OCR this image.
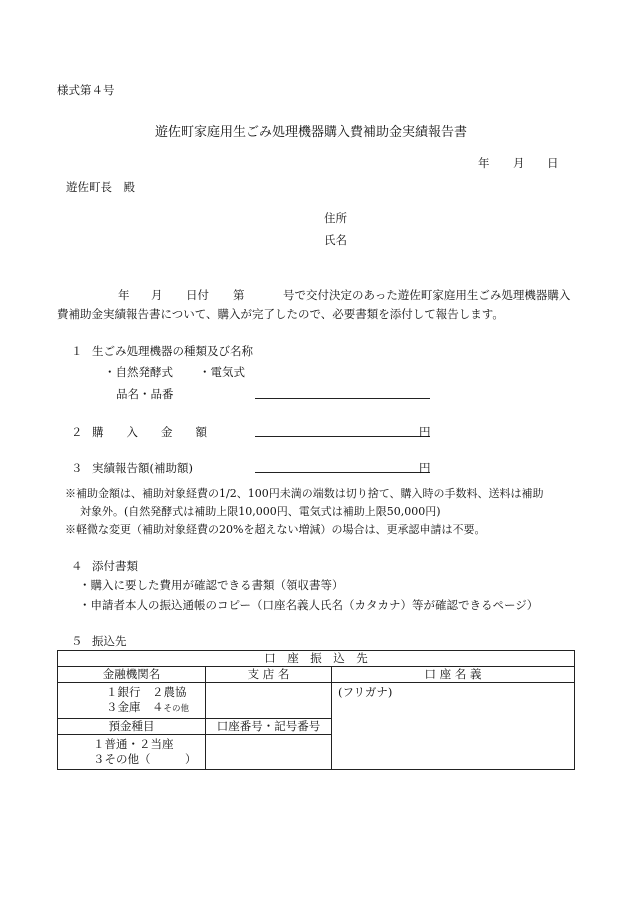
様式第４号
遊佐町家庭用生ごみ処理機器購入費補助金実績報告書
年 月 日
遊佐町長　殿
住所
氏名
年 月 日付 第	号で交付決定のあった遊佐町家庭用生ごみ処理機器購入
費補助金実績報告書について、購入が完了したので、必要書類を添付して報告します。
１ 生ごみ処理機器の種類及び名称
・自然発酵式 ・電気式
品名・品番
２ 購　　入　　金　　額	円
３ 実績報告額(補助額)	円
※補助金額は、補助対象経費の1/2、100円未満の端数は切り捨て、購入時の手数料、送料は補助
対象外。(自然発酵式は補助上限10,000円、電気式は補助上限50,000円)
※軽微な変更（補助対象経費の20%を超えない増減）の場合は、更承認申請は不要。
４ 添付書類
・購入に要した費用が確認できる書類（領収書等）
・申請者本人の振込通帳のコピー（口座名義人氏名（カタカナ）等が確認できるページ）
５ 振込先
口　座　振　込　先		
金融機関名	支 店 名	口 座 名 義

１銀行　２農協
３金庫　４その他		(フリガナ)

預金種目	口座番号・記号番号	

１普通・２当座
３その他（　　　）		
